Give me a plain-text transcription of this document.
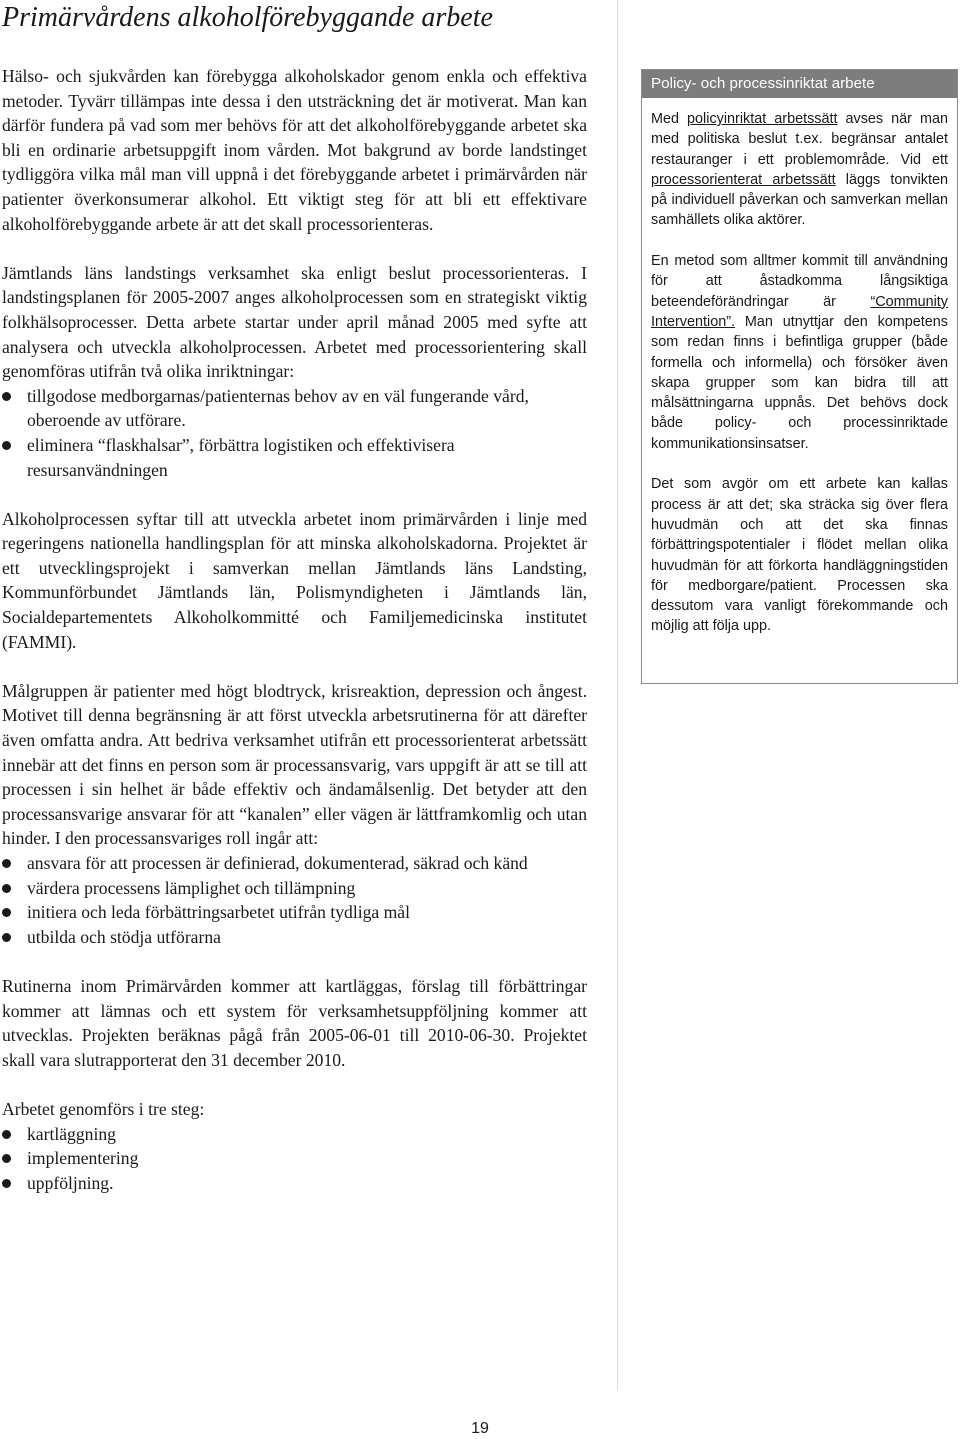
Primärvårdens alkoholförebyggande arbete

Hälso- och sjukvården kan förebygga alkoholskador genom enkla och effektiva metoder. Tyvärr tillämpas inte dessa i den utsträckning det är motiverat. Man kan därför fundera på vad som mer behövs för att det alkoholförebyggande arbetet ska bli en ordinarie arbetsuppgift inom vården. Mot bakgrund av borde landstinget tydliggöra vilka mål man vill uppnå i det förebyggande arbetet i primärvården när patienter överkonsumerar alkohol. Ett viktigt steg för att bli ett effektivare alkoholförebyggande arbete är att det skall processorienteras.

Jämtlands läns landstings verksamhet ska enligt beslut processorienteras. I landstingsplanen för 2005-2007 anges alkoholprocessen som en strategiskt viktig folkhälsoprocesser. Detta arbete startar under april månad 2005 med syfte att analysera och utveckla alkoholprocessen. Arbetet med processorientering skall genomföras utifrån två olika inriktningar:

tillgodose medborgarnas/patienternas behov av en väl fungerande vård, oberoende av utförare.
eliminera “flaskhalsar”, förbättra logistiken och effektivisera resursanvändningen

Alkoholprocessen syftar till att utveckla arbetet inom primärvården i linje med regeringens nationella handlingsplan för att minska alkoholskadorna. Projektet är ett utvecklingsprojekt i samverkan mellan Jämtlands läns Landsting, Kommunförbundet Jämtlands län, Polismyndigheten i Jämtlands län, Socialdepartementets Alkoholkommitté och Familjemedicinska institutet (FAMMI).

Målgruppen är patienter med högt blodtryck, krisreaktion, depression och ångest. Motivet till denna begränsning är att först utveckla arbetsrutinerna för att därefter även omfatta andra. Att bedriva verksamhet utifrån ett processorienterat arbetssätt innebär att det finns en person som är processansvarig, vars uppgift är att se till att processen i sin helhet är både effektiv och ändamålsenlig. Det betyder att den processansvarige ansvarar för att “kanalen” eller vägen är lättframkomlig och utan hinder. I den processansvariges roll ingår att:

ansvara för att processen är definierad, dokumenterad, säkrad och känd
värdera processens lämplighet och tillämpning
initiera och leda förbättringsarbetet utifrån tydliga mål
utbilda och stödja utförarna

Rutinerna inom Primärvården kommer att kartläggas, förslag till förbättringar kommer att lämnas och ett system för verksamhetsuppföljning kommer att utvecklas. Projekten beräknas pågå från 2005-06-01 till 2010-06-30. Projektet skall vara slutrapporterat den 31 december 2010.

Arbetet genomförs i tre steg:

kartläggning
implementering
uppföljning.
Policy- och processinriktat arbete

Med policyinriktat arbetssätt avses när man med politiska beslut t.ex. begränsar antalet restauranger i ett problemområde. Vid ett processorienterat arbetssätt läggs tonvikten på individuell påverkan och samverkan mellan samhällets olika aktörer.

En metod som alltmer kommit till användning för att åstadkomma långsiktiga beteendeförändringar är “Community Intervention”. Man utnyttjar den kompetens som redan finns i befintliga grupper (både formella och informella) och försöker även skapa grupper som kan bidra till att målsättningarna uppnås. Det behövs dock både policy- och processinriktade kommunikationsinsatser.

Det som avgör om ett arbete kan kallas process är att det; ska sträcka sig över flera huvudmän och att det ska finnas förbättringspotentialer i flödet mellan olika huvudmän för att förkorta handläggningstiden för medborgare/patient. Processen ska dessutom vara vanligt förekommande och möjlig att följa upp.

19
